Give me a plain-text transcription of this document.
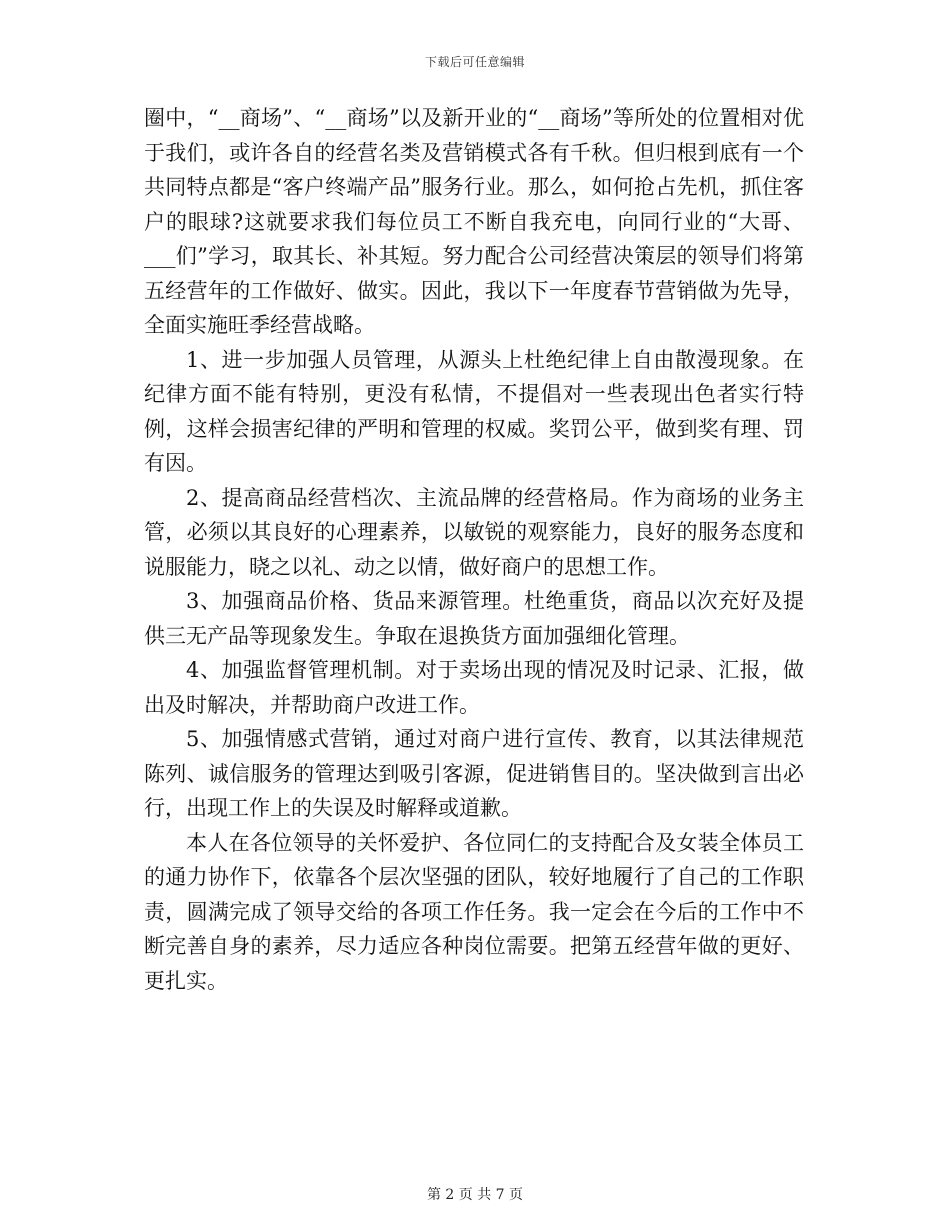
下载后可任意编辑

圈中，“__商场”、“__商场”以及新开业的“__商场”等所处的位置相对优于我们，或许各自的经营名类及营销模式各有千秋。但归根到底有一个共同特点都是“客户终端产品”服务行业。那么，如何抢占先机，抓住客户的眼球?这就要求我们每位员工不断自我充电，向同行业的“大哥、___们”学习，取其长、补其短。努力配合公司经营决策层的领导们将第五经营年的工作做好、做实。因此，我以下一年度春节营销做为先导，全面实施旺季经营战略。

1、进一步加强人员管理，从源头上杜绝纪律上自由散漫现象。在纪律方面不能有特别，更没有私情，不提倡对一些表现出色者实行特例，这样会损害纪律的严明和管理的权威。奖罚公平，做到奖有理、罚有因。

2、提高商品经营档次、主流品牌的经营格局。作为商场的业务主管，必须以其良好的心理素养，以敏锐的观察能力，良好的服务态度和说服能力，晓之以礼、动之以情，做好商户的思想工作。

3、加强商品价格、货品来源管理。杜绝重货，商品以次充好及提供三无产品等现象发生。争取在退换货方面加强细化管理。

4、加强监督管理机制。对于卖场出现的情况及时记录、汇报，做出及时解决，并帮助商户改进工作。

5、加强情感式营销，通过对商户进行宣传、教育，以其法律规范陈列、诚信服务的管理达到吸引客源，促进销售目的。坚决做到言出必行，出现工作上的失误及时解释或道歉。

本人在各位领导的关怀爱护、各位同仁的支持配合及女装全体员工的通力协作下，依靠各个层次坚强的团队，较好地履行了自己的工作职责，圆满完成了领导交给的各项工作任务。我一定会在今后的工作中不断完善自身的素养，尽力适应各种岗位需要。把第五经营年做的更好、更扎实。

第 2 页 共 7 页
